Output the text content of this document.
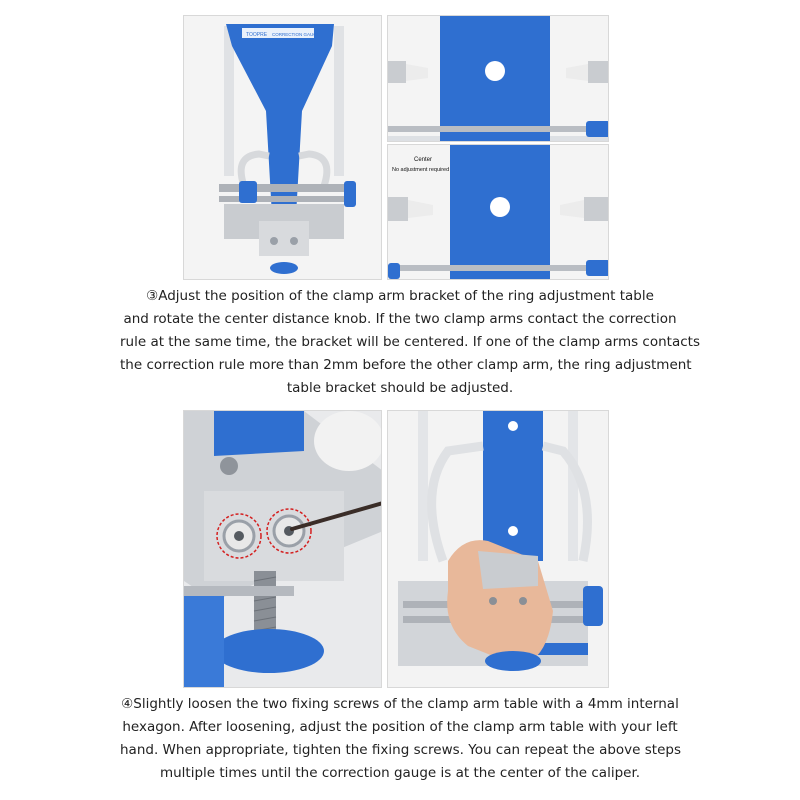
TOOPRE CORRECTION GAUGE
Center
No adjustment required
③Adjust the position of the clamp arm bracket of the ring adjustment table
and rotate the center distance knob. If the two clamp arms contact the correction
rule at the same time, the bracket will be centered. If one of the clamp arms contacts
the correction rule more than 2mm before the other clamp arm, the ring adjustment
table bracket should be adjusted.
④Slightly loosen the two fixing screws of the clamp arm table with a 4mm internal
hexagon. After loosening, adjust the position of the clamp arm table with your left
hand. When appropriate, tighten the fixing screws. You can repeat the above steps
multiple times until the correction gauge is at the center of the caliper.
